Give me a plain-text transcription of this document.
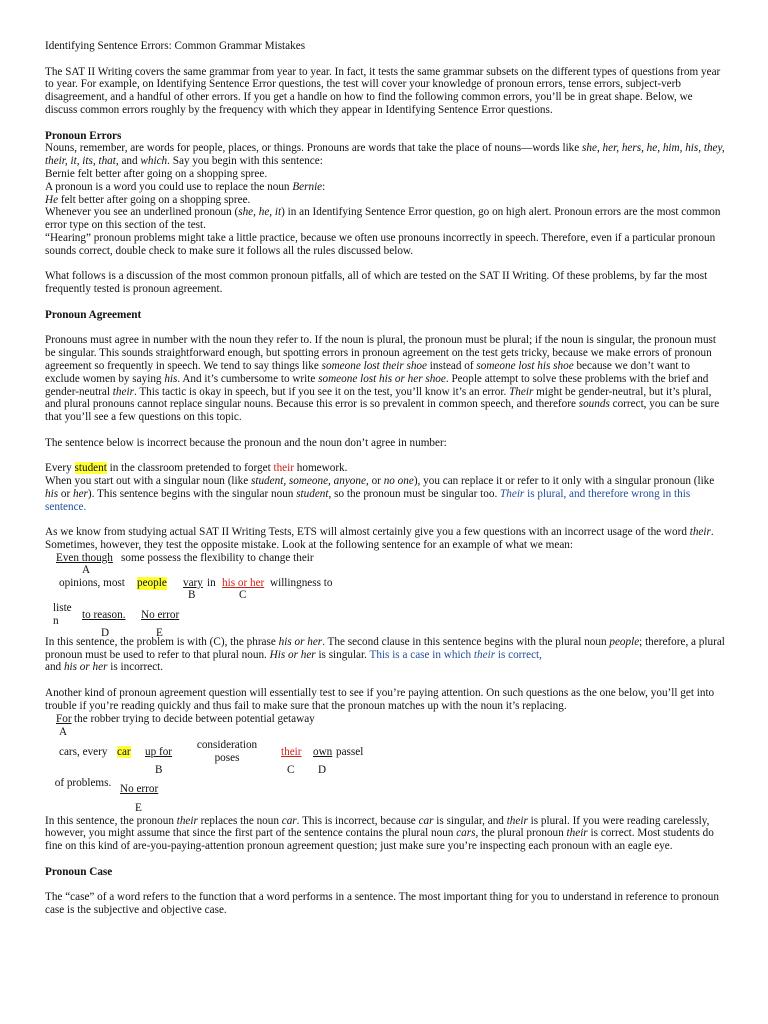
Identifying Sentence Errors: Common Grammar Mistakes

The SAT II Writing covers the same grammar from year to year. In fact, it tests the same grammar subsets on the different types of questions from year to year. For example, on Identifying Sentence Error questions, the test will cover your knowledge of pronoun errors, tense errors, subject-verb disagreement, and a handful of other errors. If you get a handle on how to find the following common errors, you’ll be in great shape. Below, we discuss common errors roughly by the frequency with which they appear in Identifying Sentence Error questions.

Pronoun Errors

Nouns, remember, are words for people, places, or things. Pronouns are words that take the place of nouns—words like she, her, hers, he, him, his, they, their, it, its, that, and which. Say you begin with this sentence:

Bernie felt better after going on a shopping spree.

A pronoun is a word you could use to replace the noun Bernie:

He felt better after going on a shopping spree.

Whenever you see an underlined pronoun (she, he, it) in an Identifying Sentence Error question, go on high alert. Pronoun errors are the most common error type on this section of the test.

“Hearing” pronoun problems might take a little practice, because we often use pronouns incorrectly in speech. Therefore, even if a particular pronoun sounds correct, double check to make sure it follows all the rules discussed below.

What follows is a discussion of the most common pronoun pitfalls, all of which are tested on the SAT II Writing. Of these problems, by far the most frequently tested is pronoun agreement.

Pronoun Agreement

Pronouns must agree in number with the noun they refer to. If the noun is plural, the pronoun must be plural; if the noun is singular, the pronoun must be singular. This sounds straightforward enough, but spotting errors in pronoun agreement on the test gets tricky, because we make errors of pronoun agreement so frequently in speech. We tend to say things like someone lost their shoe instead of someone lost his shoe because we don’t want to exclude women by saying his. And it’s cumbersome to write someone lost his or her shoe. People attempt to solve these problems with the brief and gender-neutral their. This tactic is okay in speech, but if you see it on the test, you’ll know it’s an error. Their might be gender-neutral, but it’s plural, and plural pronouns cannot replace singular nouns. Because this error is so prevalent in common speech, and therefore sounds correct, you can be sure that you’ll see a few questions on this topic.

The sentence below is incorrect because the pronoun and the noun don’t agree in number:

Every student in the classroom pretended to forget their homework.

When you start out with a singular noun (like student, someone, anyone, or no one), you can replace it or refer to it only with a singular pronoun (like his or her). This sentence begins with the singular noun student, so the pronoun must be singular too. Their is plural, and therefore wrong in this sentence.

As we know from studying actual SAT II Writing Tests, ETS will almost certainly give you a few questions with an incorrect usage of the word their. Sometimes, however, they test the opposite mistake. Look at the following sentence for an example of what we mean:

Even though some possess the flexibility to change their
A
opinions, most people vary in his or her willingness to
B	C
listen	to reason. No error
D	E

In this sentence, the problem is with (C), the phrase his or her. The second clause in this sentence begins with the plural noun people; therefore, a plural pronoun must be used to refer to that plural noun. His or her is singular. This is a case in which their is correct,
and his or her is incorrect.

Another kind of pronoun agreement question will essentially test to see if you’re paying attention. On such questions as the one below, you’ll get into trouble if you’re reading quickly and thus fail to make sure that the pronoun matches up with the noun it’s replacing.

For the robber trying to decide between potential getaway
A
cars, every car up for
consideration poses	their own passel
B	C D
of problems. No error
E

In this sentence, the pronoun their replaces the noun car. This is incorrect, because car is singular, and their is plural. If you were reading carelessly, however, you might assume that since the first part of the sentence contains the plural noun cars, the plural pronoun their is correct. Most students do fine on this kind of are-you-paying-attention pronoun agreement question; just make sure you’re inspecting each pronoun with an eagle eye.

Pronoun Case

The “case” of a word refers to the function that a word performs in a sentence. The most important thing for you to understand in reference to pronoun case is the subjective and objective case.
